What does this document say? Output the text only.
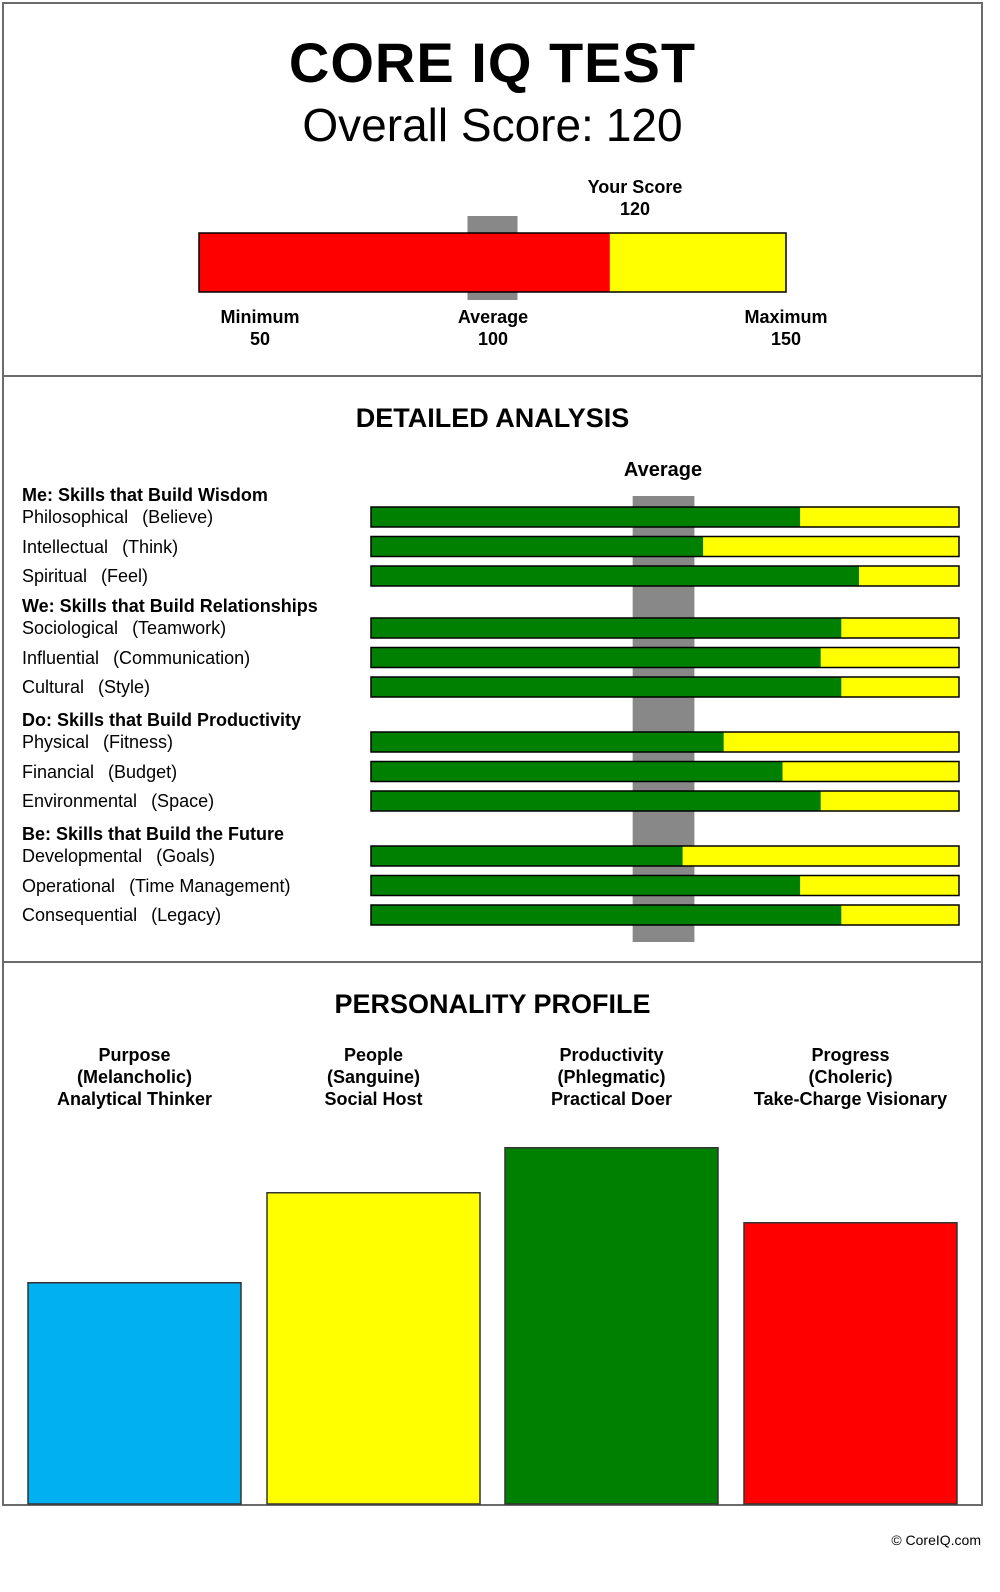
CORE IQ TEST
Overall Score: 120
Your Score
120
Minimum
50
Average
100
Maximum
150
DETAILED ANALYSIS
Average
Me: Skills that Build Wisdom
Philosophical (Believe)
Intellectual (Think)
Spiritual (Feel)
We: Skills that Build Relationships
Sociological (Teamwork)
Influential (Communication)
Cultural (Style)
Do: Skills that Build Productivity
Physical (Fitness)
Financial (Budget)
Environmental (Space)
Be: Skills that Build the Future
Developmental (Goals)
Operational (Time Management)
Consequential (Legacy)
PERSONALITY PROFILE
Purpose
(Melancholic)
Analytical Thinker
People
(Sanguine)
Social Host
Productivity
(Phlegmatic)
Practical Doer
Progress
(Choleric)
Take-Charge Visionary
© CoreIQ.com
